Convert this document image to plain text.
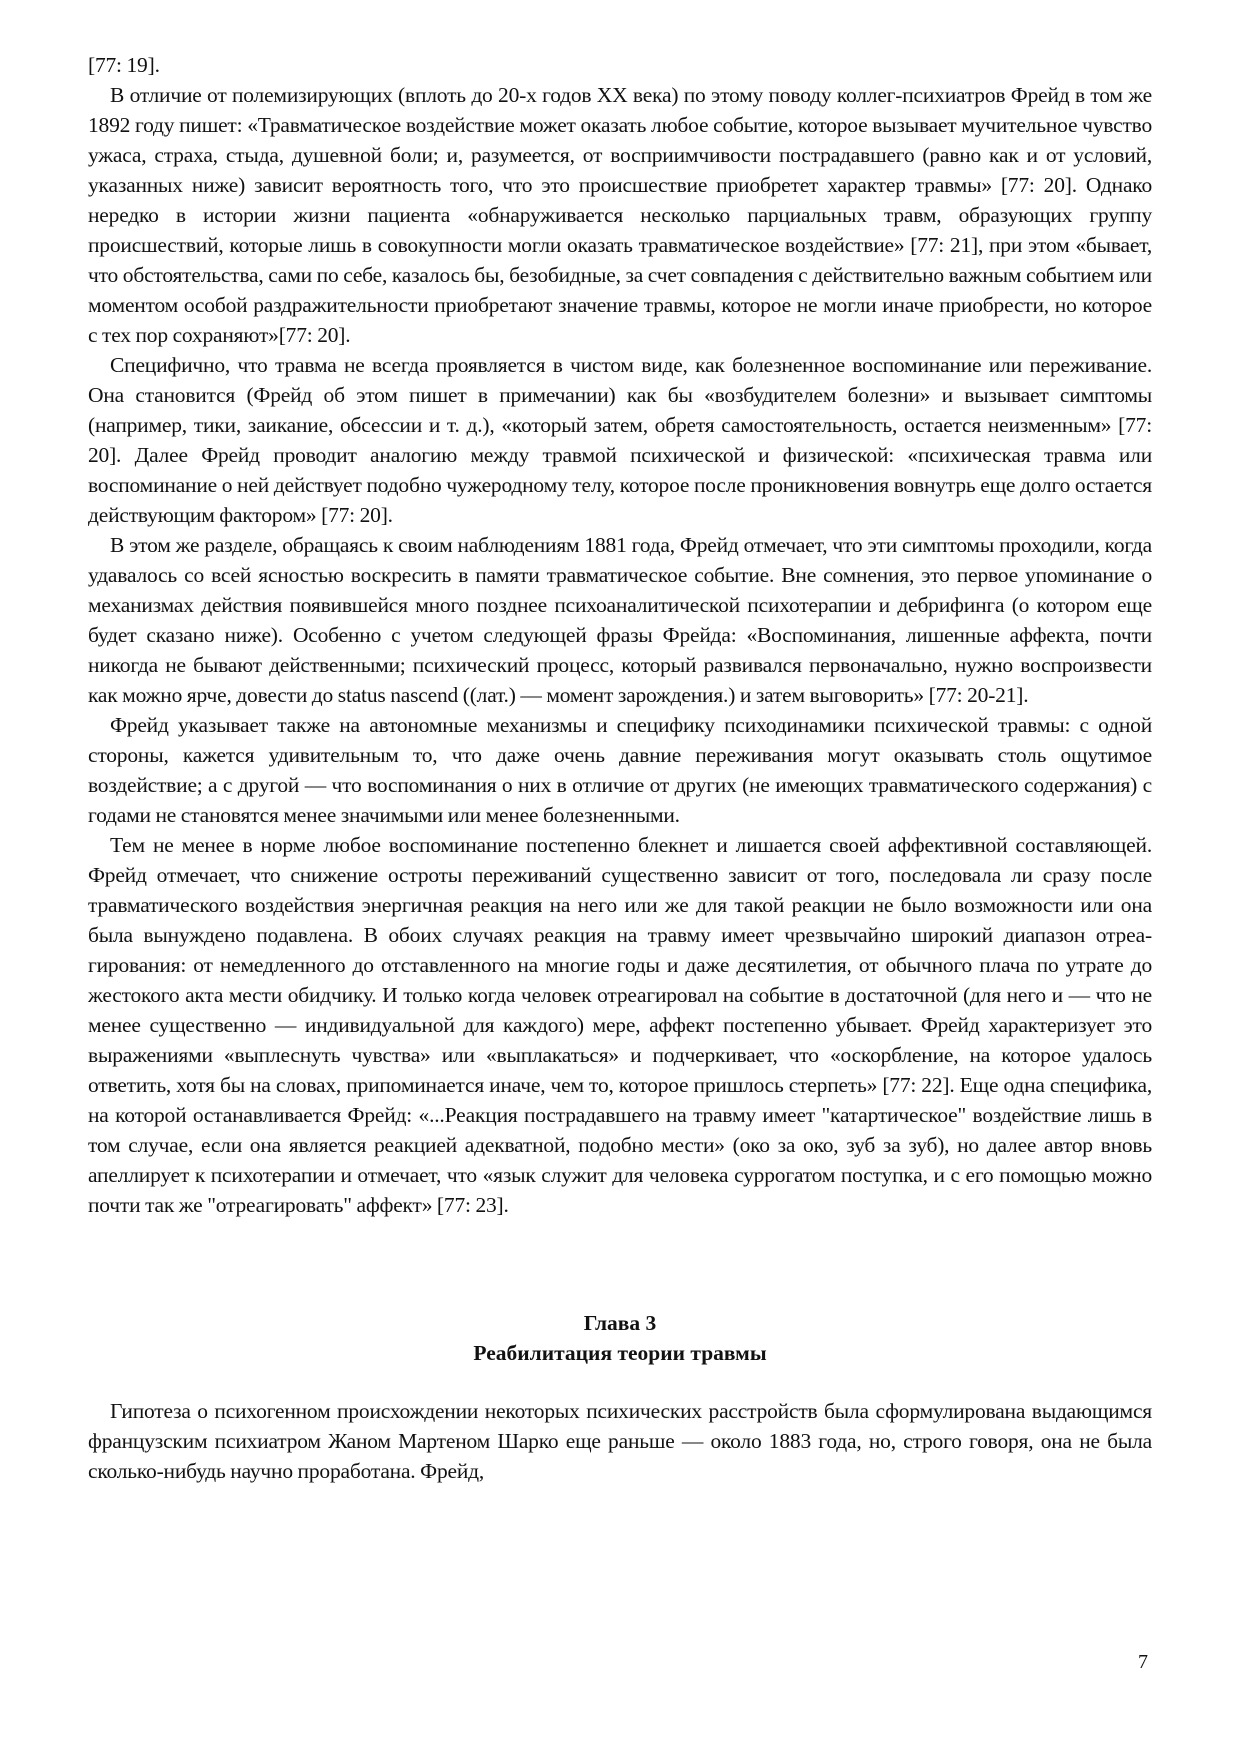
[77: 19].

В отличие от полемизирующих (вплоть до 20-х годов XX века) по этому поводу коллег-психиатров Фрейд в том же 1892 году пишет: «Травматическое воздействие может оказать любое событие, которое вызывает мучительное чувство ужаса, страха, стыда, душевной боли; и, разумеется, от восприимчивости пострадавшего (равно как и от условий, указанных ниже) зависит вероятность того, что это происшествие приобретет характер травмы» [77: 20]. Однако нередко в истории жизни пациента «обнаруживается несколько парциальных травм, образующих группу происшествий, которые лишь в совокупности могли оказать травматическое воздействие» [77: 21], при этом «бывает, что обстоятельства, сами по себе, казалось бы, безобидные, за счет совпадения с действительно важным событием или моментом особой раздражительности приобретают значение травмы, которое не могли иначе приобрести, но которое с тех пор сохраняют»[77: 20].

Специфично, что травма не всегда проявляется в чистом виде, как болезненное воспоминание или переживание. Она становится (Фрейд об этом пишет в примечании) как бы «возбудителем болезни» и вызывает симптомы (например, тики, заикание, обсессии и т. д.), «который затем, обретя самостоятельность, остается неизменным» [77: 20]. Далее Фрейд проводит аналогию между травмой психической и физической: «психическая травма или воспоминание о ней действует подобно чужеродному телу, которое после проникновения вовнутрь еще долго остается действующим фактором» [77: 20].

В этом же разделе, обращаясь к своим наблюдениям 1881 года, Фрейд отмечает, что эти симптомы проходили, когда удавалось со всей ясностью воскресить в памяти травматическое событие. Вне сомнения, это первое упоминание о механизмах действия появившейся много позднее психоаналитической психотерапии и дебрифинга (о котором еще будет сказано ниже). Особенно с учетом следующей фразы Фрейда: «Воспоминания, лишенные аффекта, почти никогда не бывают действенными; психический процесс, который развивался первоначально, нужно воспроизвести как можно ярче, довести до status nascend ((лат.) — момент зарождения.) и затем выговорить» [77: 20-21].

Фрейд указывает также на автономные механизмы и специфику психодинамики психической травмы: с одной стороны, кажется удивительным то, что даже очень давние переживания могут оказывать столь ощутимое воздействие; а с другой — что воспоминания о них в отличие от других (не имеющих травматического содержания) с годами не становятся менее значимыми или менее болезненными.

Тем не менее в норме любое воспоминание постепенно блекнет и лишается своей аффективной составляющей. Фрейд отмечает, что снижение остроты переживаний существенно зависит от того, последовала ли сразу после травматического воздействия энергичная реакция на него или же для такой реакции не было возможности или она была вынуждено подавлена. В обоих случаях реакция на травму имеет чрезвычайно широкий диапазон отреа-гирования: от немедленного до отставленного на многие годы и даже десятилетия, от обычного плача по утрате до жестокого акта мести обидчику. И только когда человек отреагировал на событие в достаточной (для него и — что не менее существенно — индивидуальной для каждого) мере, аффект постепенно убывает. Фрейд характеризует это выражениями «выплеснуть чувства» или «выплакаться» и подчеркивает, что «оскорбление, на которое удалось ответить, хотя бы на словах, припоминается иначе, чем то, которое пришлось стерпеть» [77: 22]. Еще одна специфика, на которой останавливается Фрейд: «...Реакция пострадавшего на травму имеет "катартическое" воздействие лишь в том случае, если она является реакцией адекватной, подобно мести» (око за око, зуб за зуб), но далее автор вновь апеллирует к психотерапии и отмечает, что «язык служит для человека суррогатом поступка, и с его помощью можно почти так же "отреагировать" аффект» [77: 23].

Глава 3
Реабилитация теории травмы

Гипотеза о психогенном происхождении некоторых психических расстройств была сформулирована выдающимся французским психиатром Жаном Мартеном Шарко еще раньше — около 1883 года, но, строго говоря, она не была сколько-нибудь научно проработана. Фрейд,

7
